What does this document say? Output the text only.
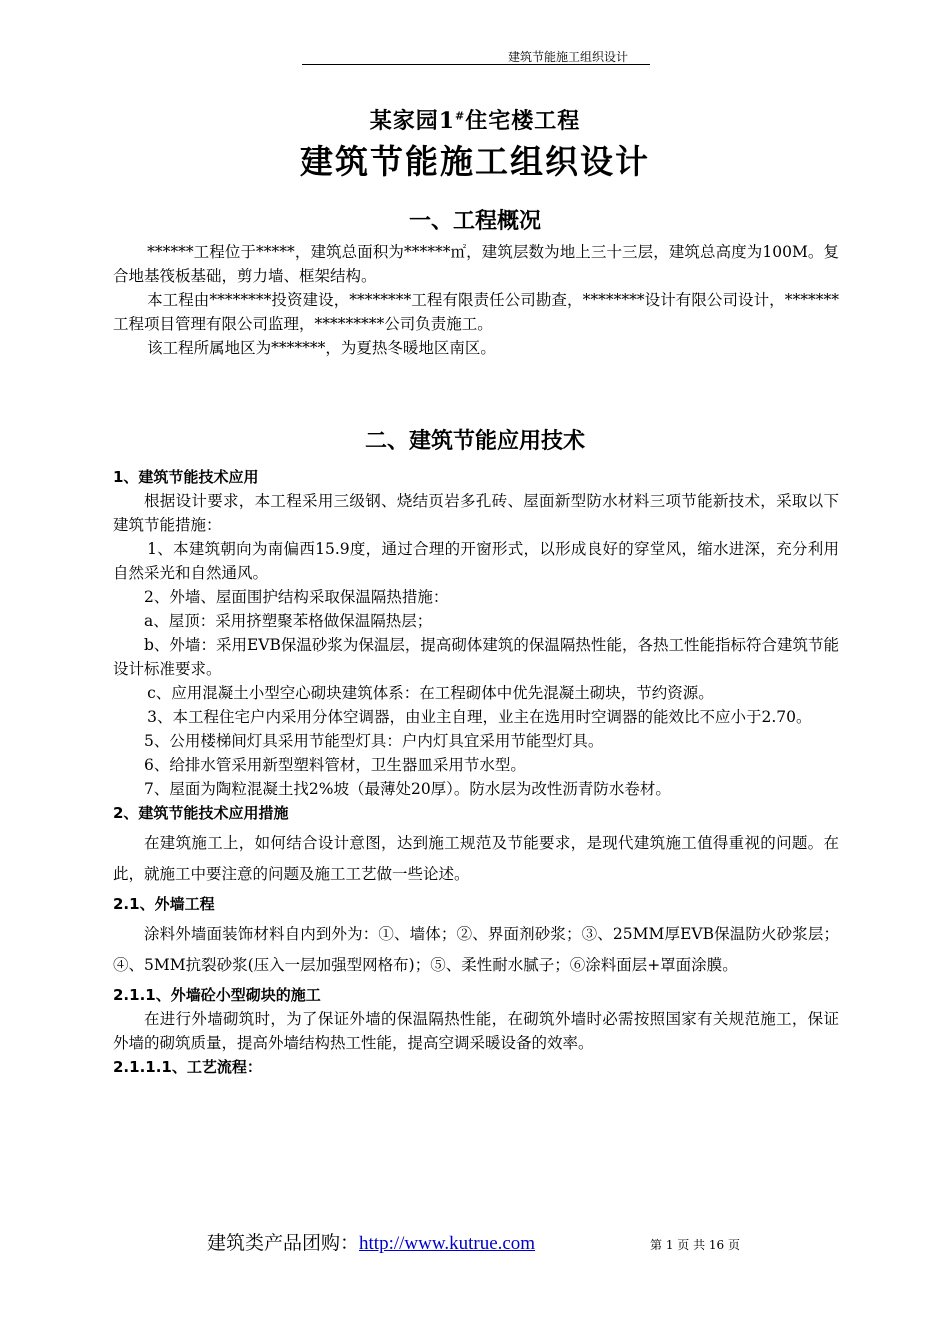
建筑节能施工组织设计
某家园1#住宅楼工程
建筑节能施工组织设计
一、工程概况

******工程位于*****，建筑总面积为******㎡，建筑层数为地上三十三层，建筑总高度为100M。复合地基筏板基础，剪力墙、框架结构。

本工程由********投资建设，********工程有限责任公司勘查，********设计有限公司设计，*******工程项目管理有限公司监理，*********公司负责施工。

该工程所属地区为*******，为夏热冬暖地区南区。

二、建筑节能应用技术

1、建筑节能技术应用

根据设计要求，本工程采用三级钢、烧结页岩多孔砖、屋面新型防水材料三项节能新技术，采取以下建筑节能措施：

1、本建筑朝向为南偏西15.9度，通过合理的开窗形式，以形成良好的穿堂风，缩水进深，充分利用自然采光和自然通风。

2、外墙、屋面围护结构采取保温隔热措施：

a、屋顶：采用挤塑聚苯格做保温隔热层；

b、外墙：采用EVB保温砂浆为保温层，提高砌体建筑的保温隔热性能，各热工性能指标符合建筑节能设计标准要求。

c、应用混凝土小型空心砌块建筑体系：在工程砌体中优先混凝土砌块，节约资源。

3、本工程住宅户内采用分体空调器，由业主自理，业主在选用时空调器的能效比不应小于2.70。

5、公用楼梯间灯具采用节能型灯具：户内灯具宜采用节能型灯具。

6、给排水管采用新型塑料管材，卫生器皿采用节水型。

7、屋面为陶粒混凝土找2%坡（最薄处20厚）。防水层为改性沥青防水卷材。

2、建筑节能技术应用措施

在建筑施工上，如何结合设计意图，达到施工规范及节能要求，是现代建筑施工值得重视的问题。在此，就施工中要注意的问题及施工工艺做一些论述。

2.1、外墙工程

涂料外墙面装饰材料自内到外为：①、墙体；②、界面剂砂浆；③、25MM厚EVB保温防火砂浆层；④、5MM抗裂砂浆(压入一层加强型网格布)；⑤、柔性耐水腻子；⑥涂料面层+罩面涂膜。

2.1.1、外墙砼小型砌块的施工

在进行外墙砌筑时，为了保证外墙的保温隔热性能，在砌筑外墙时必需按照国家有关规范施工，保证外墙的砌筑质量，提高外墙结构热工性能，提高空调采暖设备的效率。

2.1.1.1、工艺流程：

建筑类产品团购：http://www.kutrue.com	第 1 页 共 16 页
